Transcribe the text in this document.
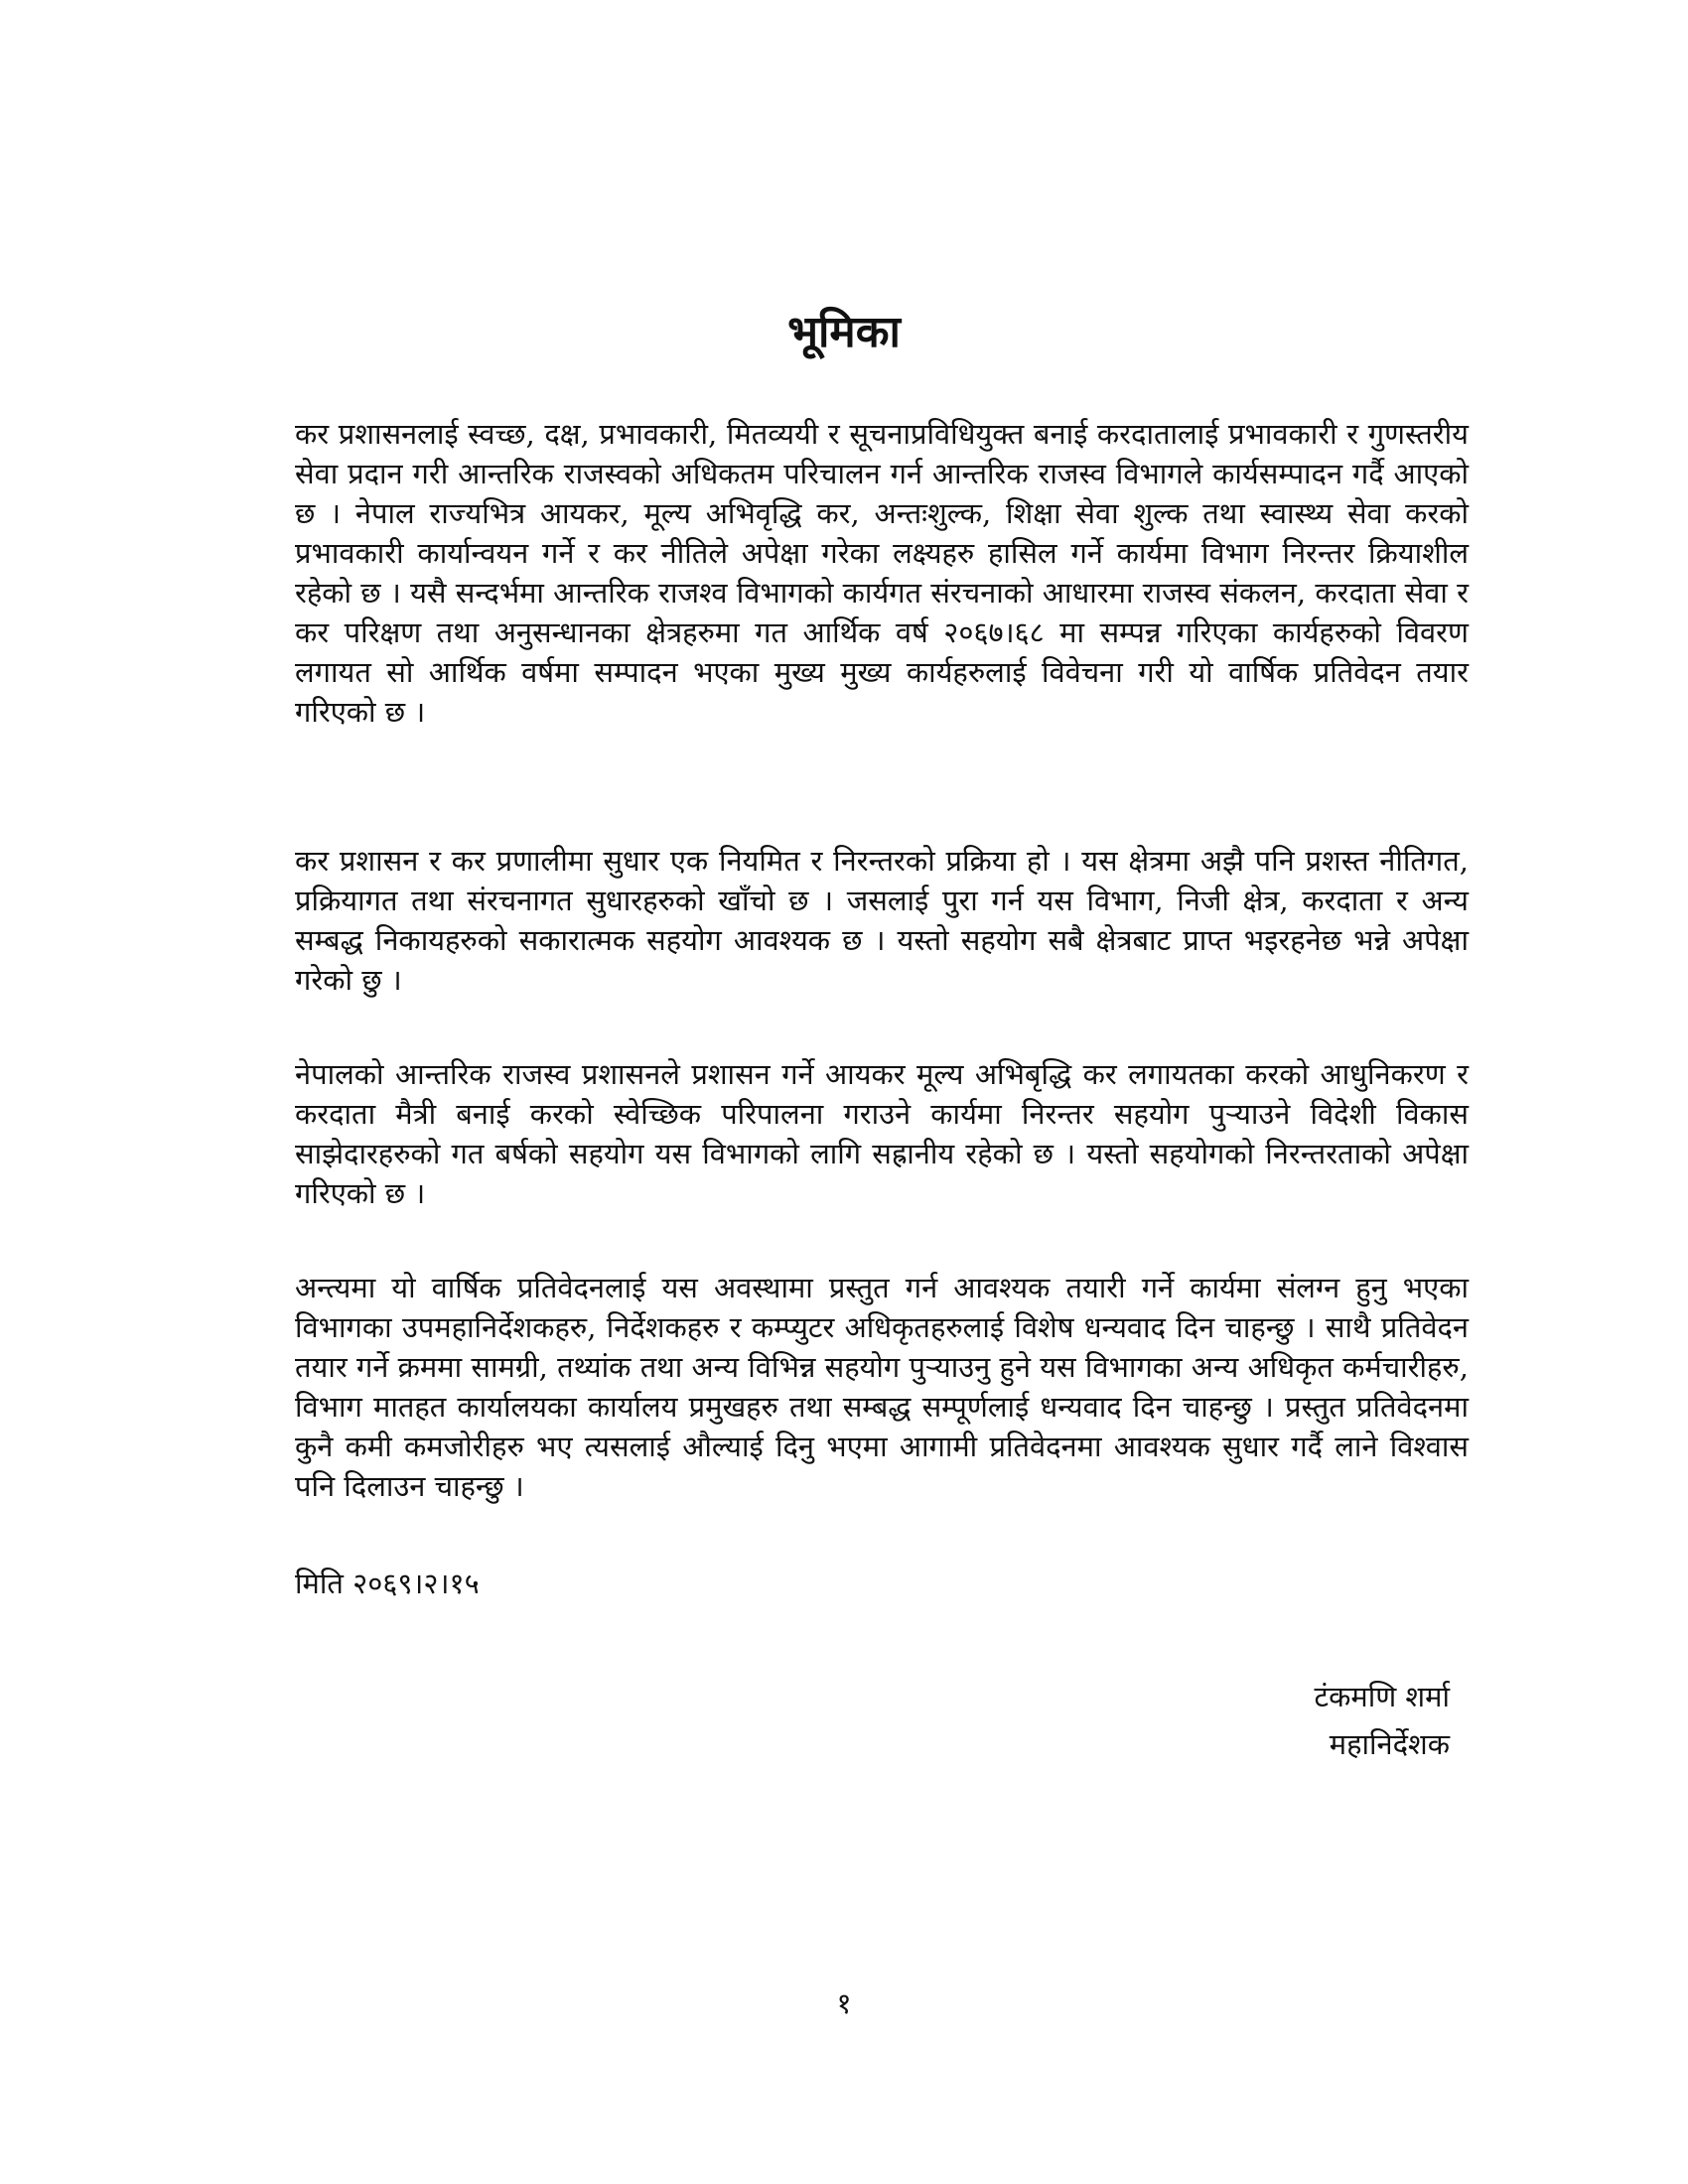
भूमिका

कर प्रशासनलाई स्वच्छ, दक्ष, प्रभावकारी, मितव्ययी र सूचनाप्रविधियुक्त बनाई करदातालाई प्रभावकारी र गुणस्तरीय सेवा प्रदान गरी आन्तरिक राजस्वको अधिकतम परिचालन गर्न आन्तरिक राजस्व विभागले कार्यसम्पादन गर्दै आएको छ । नेपाल राज्यभित्र आयकर, मूल्य अभिवृद्धि कर, अन्तःशुल्क, शिक्षा सेवा शुल्क तथा स्वास्थ्य सेवा करको प्रभावकारी कार्यान्वयन गर्ने र कर नीतिले अपेक्षा गरेका लक्ष्यहरु हासिल गर्ने कार्यमा विभाग निरन्तर क्रियाशील रहेको छ । यसै सन्दर्भमा आन्तरिक राजश्व विभागको कार्यगत संरचनाको आधारमा राजस्व संकलन, करदाता सेवा र कर परिक्षण तथा अनुसन्धानका क्षेत्रहरुमा गत आर्थिक वर्ष २०६७।६८ मा सम्पन्न गरिएका कार्यहरुको विवरण लगायत सो आर्थिक वर्षमा सम्पादन भएका मुख्य मुख्य कार्यहरुलाई विवेचना गरी यो वार्षिक प्रतिवेदन तयार गरिएको छ ।

कर प्रशासन र कर प्रणालीमा सुधार एक नियमित र निरन्तरको प्रक्रिया हो । यस क्षेत्रमा अझै पनि प्रशस्त नीतिगत, प्रक्रियागत तथा संरचनागत सुधारहरुको खाँचो छ । जसलाई पुरा गर्न यस विभाग, निजी क्षेत्र, करदाता र अन्य सम्बद्ध निकायहरुको सकारात्मक सहयोग आवश्यक छ । यस्तो सहयोग सबै क्षेत्रबाट प्राप्त भइरहनेछ भन्ने अपेक्षा गरेको छु ।

नेपालको आन्तरिक राजस्व प्रशासनले प्रशासन गर्ने आयकर मूल्य अभिबृद्धि कर लगायतका करको आधुनिकरण र करदाता मैत्री बनाई करको स्वेच्छिक परिपालना गराउने कार्यमा निरन्तर सहयोग पुऱ्याउने विदेशी विकास साझेदारहरुको गत बर्षको सहयोग यस विभागको लागि सह्रानीय रहेको छ । यस्तो सहयोगको निरन्तरताको अपेक्षा गरिएको छ ।

अन्त्यमा यो वार्षिक प्रतिवेदनलाई यस अवस्थामा प्रस्तुत गर्न आवश्यक तयारी गर्ने कार्यमा संलग्न हुनु भएका विभागका उपमहानिर्देशकहरु, निर्देशकहरु र कम्प्युटर अधिकृतहरुलाई विशेष धन्यवाद दिन चाहन्छु । साथै प्रतिवेदन तयार गर्ने क्रममा सामग्री, तथ्यांक तथा अन्य विभिन्न सहयोग पुऱ्याउनु हुने यस विभागका अन्य अधिकृत कर्मचारीहरु, विभाग मातहत कार्यालयका कार्यालय प्रमुखहरु तथा सम्बद्ध सम्पूर्णलाई धन्यवाद दिन चाहन्छु । प्रस्तुत प्रतिवेदनमा कुनै कमी कमजोरीहरु भए त्यसलाई औल्याई दिनु भएमा आगामी प्रतिवेदनमा आवश्यक सुधार गर्दै लाने विश्वास पनि दिलाउन चाहन्छु ।

मिति २०६९।२।१५

टंकमणि शर्मा
महानिर्देशक
१
